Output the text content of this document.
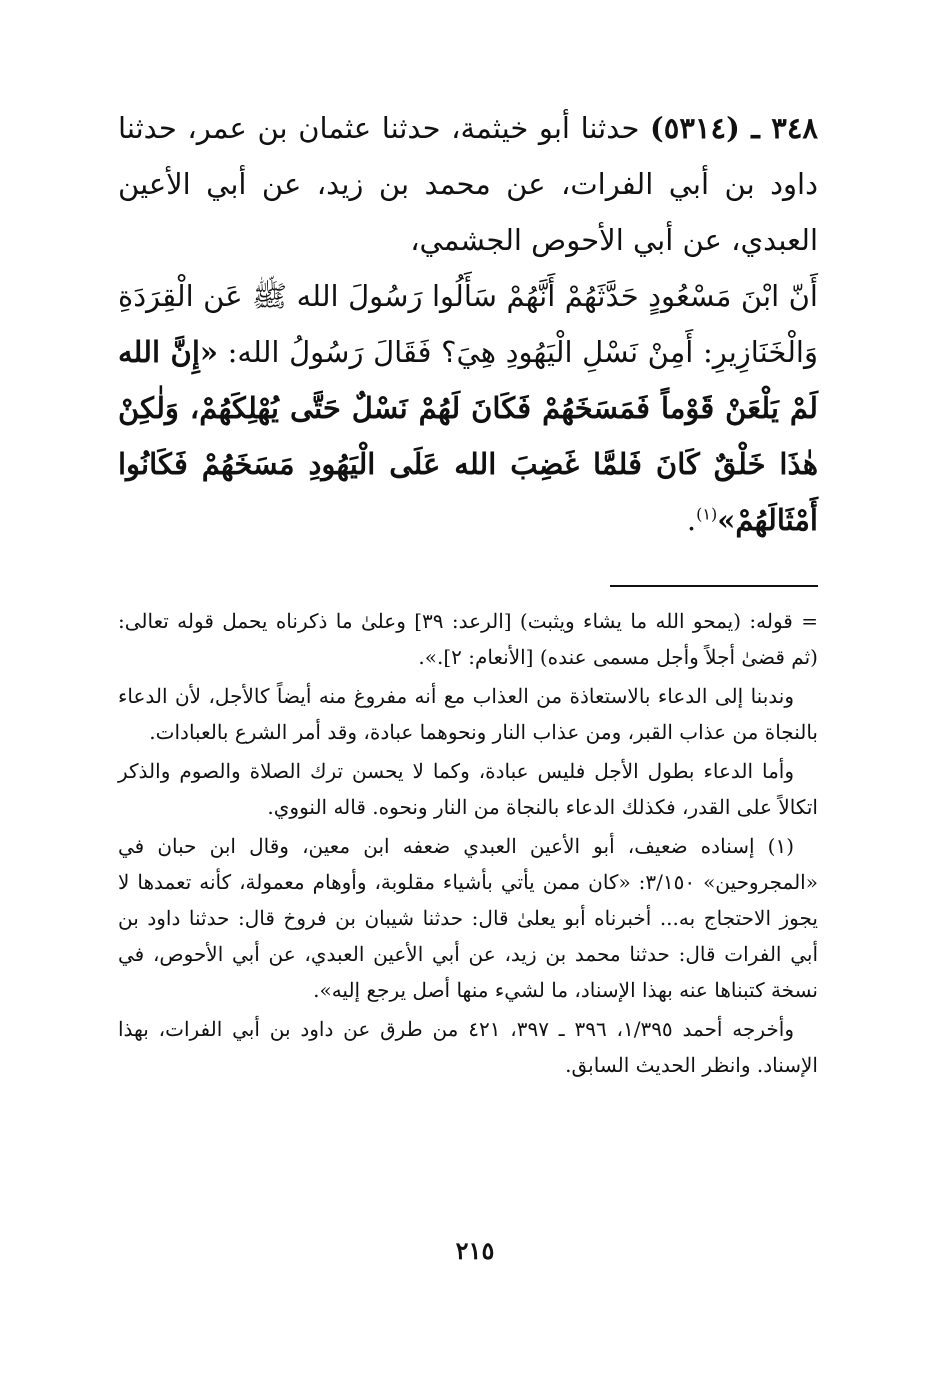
٣٤٨ ـ (٥٣١٤) حدثنا أبو خيثمة، حدثنا عثمان بن عمر، حدثنا داود بن أبي الفرات، عن محمد بن زيد، عن أبي الأعين العبدي، عن أبي الأحوص الجشمي،
أَنّ ابْنَ مَسْعُودٍ حَدَّثَهُمْ أَنَّهُمْ سَأَلُوا رَسُولَ الله ﷺ عَن الْقِرَدَةِ وَالْخَنَازِيرِ: أَمِنْ نَسْلِ الْيَهُودِ هِيَ؟ فَقَالَ رَسُولُ الله: «إِنَّ الله لَمْ يَلْعَنْ قَوْماً فَمَسَخَهُمْ فَكَانَ لَهُمْ نَسْلٌ حَتَّى يُهْلِكَهُمْ، وَلٰكِنْ هٰذَا خَلْقٌ كَانَ فَلمَّا غَضِبَ الله عَلَى الْيَهُودِ مَسَخَهُمْ فَكَانُوا أَمْثَالَهُمْ»$^{(١)}$.

= قوله: (يمحو الله ما يشاء ويثبت) [الرعد: ٣٩] وعلىٰ ما ذكرناه يحمل قوله تعالى: (ثم قضىٰ أجلاً وأجل مسمى عنده) [الأنعام: ٢].».

وندبنا إلى الدعاء بالاستعاذة من العذاب مع أنه مفروغ منه أيضاً كالأجل، لأن الدعاء بالنجاة من عذاب القبر، ومن عذاب النار ونحوهما عبادة، وقد أمر الشرع بالعبادات.

وأما الدعاء بطول الأجل فليس عبادة، وكما لا يحسن ترك الصلاة والصوم والذكر اتكالاً على القدر، فكذلك الدعاء بالنجاة من النار ونحوه. قاله النووي.

(١) إسناده ضعيف، أبو الأعين العبدي ضعفه ابن معين، وقال ابن حبان في «المجروحين» ٣/١٥٠: «كان ممن يأتي بأشياء مقلوبة، وأوهام معمولة، كأنه تعمدها لا يجوز الاحتجاج به... أخبرناه أبو يعلىٰ قال: حدثنا شيبان بن فروخ قال: حدثنا داود بن أبي الفرات قال: حدثنا محمد بن زيد، عن أبي الأعين العبدي، عن أبي الأحوص، في نسخة كتبناها عنه بهذا الإسناد، ما لشيء منها أصل يرجع إليه».

وأخرجه أحمد ١/٣٩٥، ٣٩٦ ـ ٣٩٧، ٤٢١ من طرق عن داود بن أبي الفرات، بهذا الإسناد. وانظر الحديث السابق.

٢١٥
